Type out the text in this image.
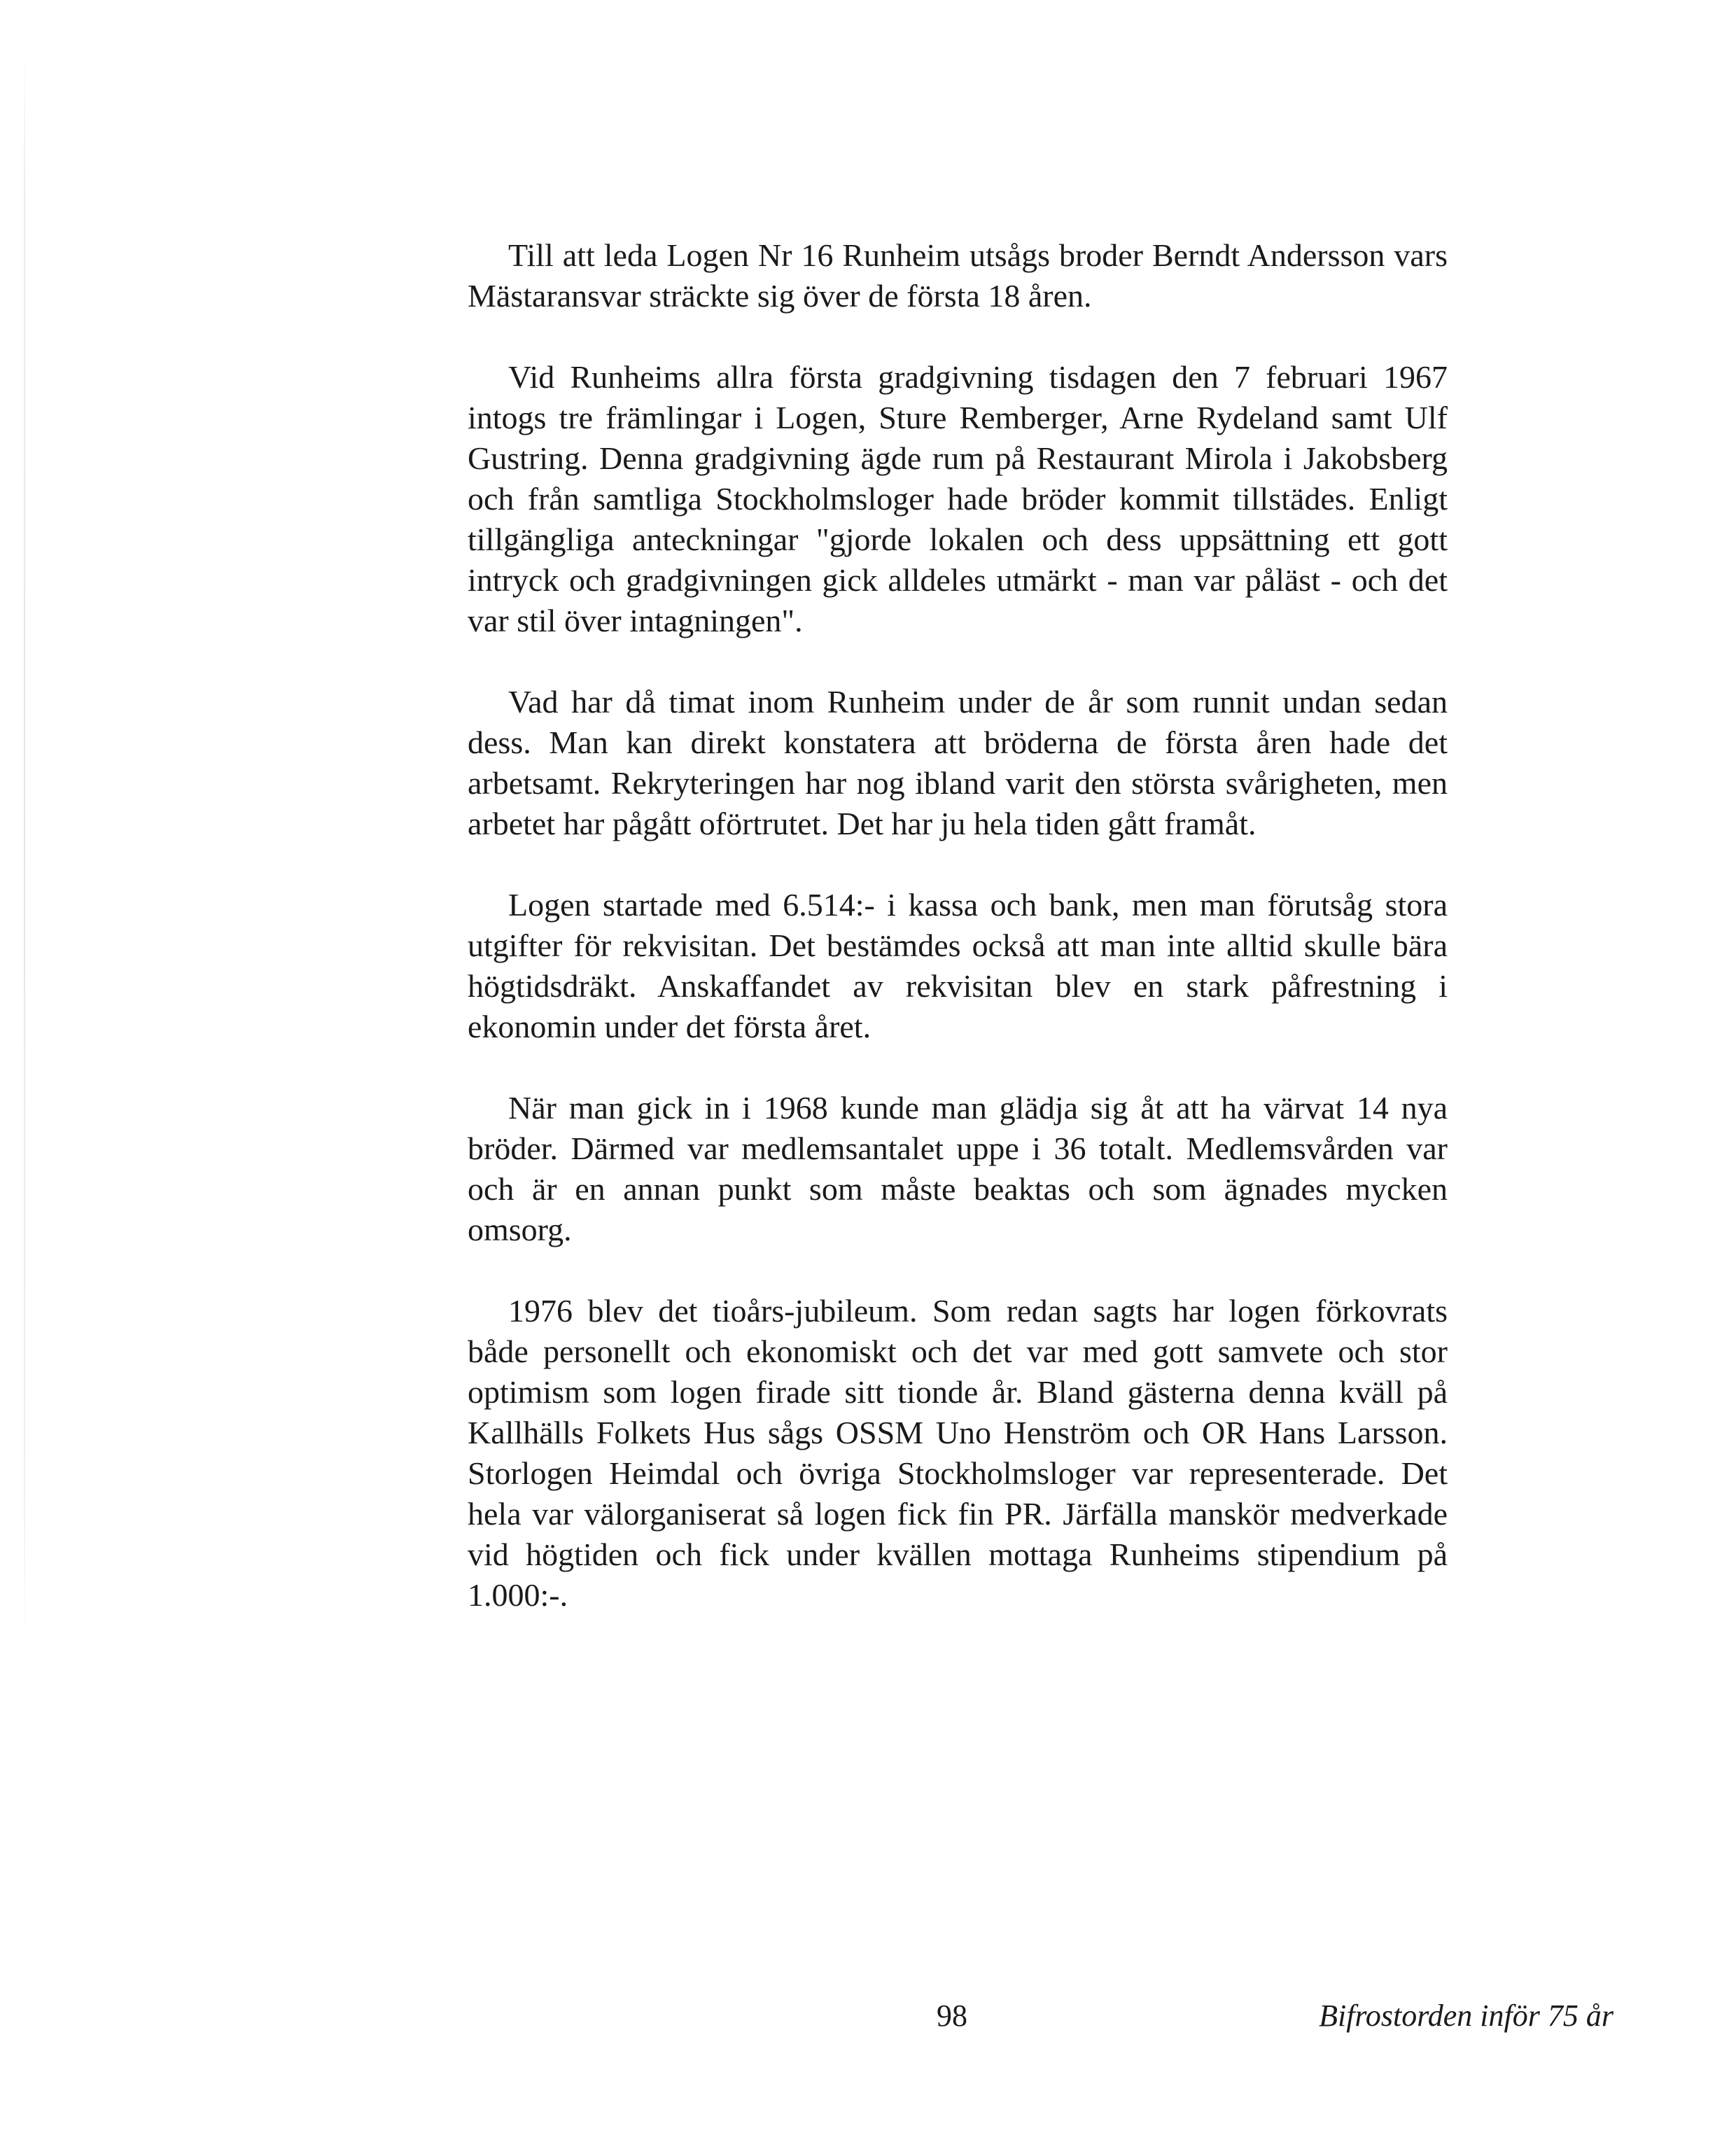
Till att leda Logen Nr 16 Runheim utsågs broder Berndt Andersson vars Mästaransvar sträckte sig över de första 18 åren.

Vid Runheims allra första gradgivning tisdagen den 7 februari 1967 intogs tre främlingar i Logen, Sture Remberger, Arne Rydeland samt Ulf Gustring. Denna gradgivning ägde rum på Restaurant Mirola i Jakobsberg och från samtliga Stockholmsloger hade bröder kommit tillstädes. Enligt tillgängliga anteckningar "gjorde lokalen och dess uppsättning ett gott intryck och gradgivningen gick alldeles utmärkt - man var påläst - och det var stil över intagningen".

Vad har då timat inom Runheim under de år som runnit undan sedan dess. Man kan direkt konstatera att bröderna de första åren hade det arbetsamt. Rekryteringen har nog ibland varit den största svårigheten, men arbetet har pågått oförtrutet. Det har ju hela tiden gått framåt.

Logen startade med 6.514:- i kassa och bank, men man förutsåg stora utgifter för rekvisitan. Det bestämdes också att man inte alltid skulle bära högtidsdräkt. Anskaffandet av rekvisitan blev en stark påfrestning i ekonomin under det första året.

När man gick in i 1968 kunde man glädja sig åt att ha värvat 14 nya bröder. Därmed var medlemsantalet uppe i 36 totalt. Medlemsvården var och är en annan punkt som måste beaktas och som ägnades mycken omsorg.

1976 blev det tioårs-jubileum. Som redan sagts har logen förkovrats både personellt och ekonomiskt och det var med gott samvete och stor optimism som logen firade sitt tionde år. Bland gästerna denna kväll på Kallhälls Folkets Hus sågs OSSM Uno Henström och OR Hans Larsson. Storlogen Heimdal och övriga Stockholmsloger var representerade. Det hela var välorganiserat så logen fick fin PR. Järfälla manskör medverkade vid högtiden och fick under kvällen mottaga Runheims stipendium på 1.000:-.

98	Bifrostorden inför 75 år
